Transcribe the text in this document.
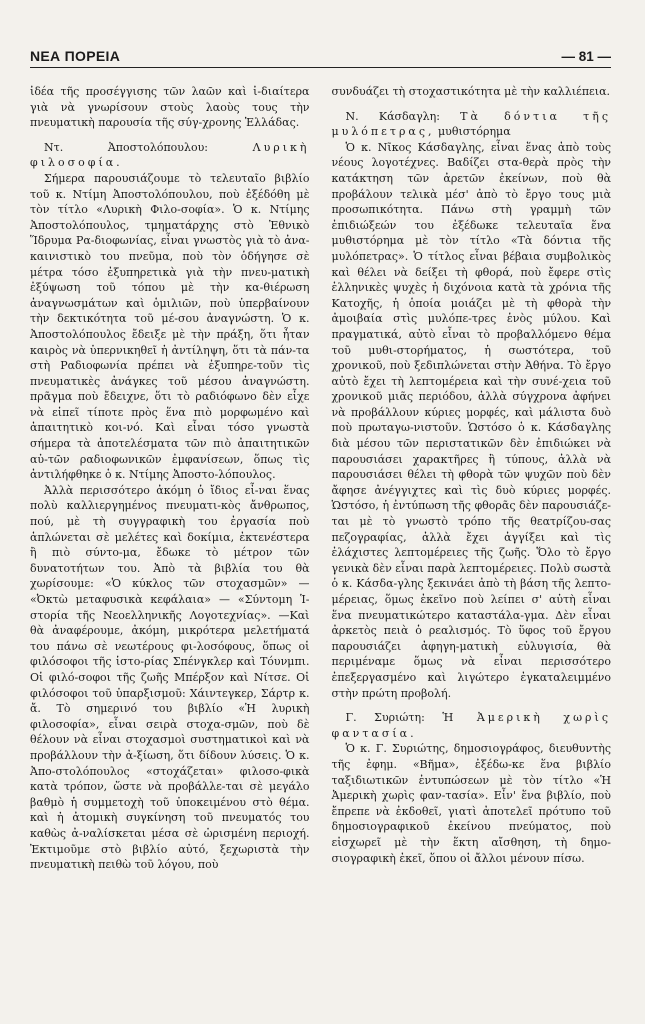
ΝΕΑ ΠΟΡΕΙΑ	— 81 —

ἰδέα τῆς προσέγγισης τῶν λαῶν καὶ ἰ-διαίτερα γιὰ νὰ γνωρίσουν στοὺς λαοὺς τους τὴν πνευματικὴ παρουσία τῆς σύγ-χρονης Ἑλλάδας.

Ντ. Ἀποστολόπουλου:	Λυρικὴ φιλοσοφία.

Σήμερα παρουσιάζουμε τὸ τελευταῖο βιβλίο τοῦ κ. Ντίμη Ἀποστολόπουλου, ποὺ ἐξέδόθη μὲ τὸν τίτλο «Λυρικὴ Φιλο-σοφία». Ὁ κ. Ντίμης Ἀποστολόπουλος, τμηματάρχης στὸ Ἐθνικὸ Ἵδρυμα Ρα-διοφωνίας, εἶναι γνωστὸς γιὰ τὸ ἀνα-καινιστικὸ του πνεῦμα, ποὺ τὸν ὁδήγησε σὲ μέτρα τόσο ἐξυπηρετικὰ γιὰ τὴν πνευ-ματικὴ ἐξύψωση τοῦ τόπου μὲ τὴν κα-θιέρωση ἀναγνωσμάτων καὶ ὁμιλιῶν, ποὺ ὑπερβαίνουν τὴν δεκτικότητα τοῦ μέ-σου ἀναγνώστη. Ὁ κ. Ἀποστολόπουλος ἔδειξε μὲ τὴν πράξη, ὅτι ἦταν καιρὸς νὰ ὑπερνικηθεῖ ἡ ἀντίληψη, ὅτι τὰ πάν-τα στὴ Ραδιοφωνία πρέπει νὰ ἐξυπηρε-τοῦν τὶς πνευματικὲς ἀνάγκες τοῦ μέσου ἀναγνώστη. πρᾶγμα ποὺ ἔδειχνε, ὅτι τὸ ραδιόφωνο δὲν εἶχε νὰ εἰπεῖ τίποτε πρὸς ἕνα πιὸ μορφωμένο καὶ ἀπαιτητικὸ κοι-νό. Καὶ εἶναι τόσο γνωστὰ σήμερα τὰ ἀποτελέσματα τῶν πιὸ ἀπαιτητικῶν αὐ-τῶν ραδιοφωνικῶν ἐμφανίσεων, ὅπως τὶς ἀντιλήφθηκε ὁ κ. Ντίμης Ἀποστο-λόπουλος.

Ἀλλὰ περισσότερο ἀκόμη ὁ ἴδιος εἶ-ναι ἕνας πολὺ καλλιεργημένος πνευματι-κὸς ἄνθρωπος, πού, μὲ τὴ συγγραφικὴ του ἐργασία ποὺ ἁπλώνεται σὲ μελέτες καὶ δοκίμια, ἐκτενέστερα ἢ πιὸ σύντο-μα, ἔδωκε τὸ μέτρον τῶν δυνατοτήτων του. Ἀπὸ τὰ βιβλία του θὰ χωρίσουμε: «Ὁ κύκλος τῶν στοχασμῶν» — «Ὀκτὼ μεταφυσικὰ κεφάλαια» — «Σύντομη Ἱ-στορία τῆς Νεοελληνικῆς Λογοτεχνίας». —Καὶ θὰ ἀναφέρουμε, ἀκόμη, μικρότερα μελετήματά του πάνω σὲ νεωτέρους φι-λοσόφους, ὅπως οἱ φιλόσοφοι τῆς ἱστο-ρίας Σπένγκλερ καὶ Τόυνμπι. Οἱ φιλό-σοφοι τῆς ζωῆς Μπέρξον καὶ Νίτσε. Οἱ φιλόσοφοι τοῦ ὑπαρξισμοῦ: Χάιντεγκερ, Σάρτρ κ. ἄ. Τὸ σημερινό του βιβλίο «Ἡ λυρικὴ φιλοσοφία», εἶναι σειρὰ στοχα-σμῶν, ποὺ δὲ θέλουν νὰ εἶναι στοχασμοὶ συστηματικοὶ καὶ νὰ προβάλλουν τὴν ἀ-ξίωση, ὅτι δίδουν λύσεις. Ὁ κ. Ἀπο-στολόπουλος «στοχάζεται» φιλοσο-φικὰ κατὰ τρόπον, ὥστε νὰ προβάλλε-ται σὲ μεγάλο βαθμὸ ἡ συμμετοχὴ τοῦ ὑποκειμένου στὸ θέμα. καὶ ἡ ἀτομικὴ συγκίνηση τοῦ πνευματός του καθὼς ἀ-ναλίσκεται μέσα σὲ ὡρισμένη περιοχή. Ἐκτιμοῦμε στὸ βιβλίο αὐτό, ξεχωριστὰ τὴν πνευματικὴ πειθὼ τοῦ λόγου, ποὺ

συνδυάζει τὴ στοχαστικότητα μὲ τὴν καλλιέπεια.

Ν. Κάσδαγλη: Τὰ δόντια τῆς μυλόπετρας, μυθιστόρημα

Ὁ κ. Νῖκος Κάσδαγλης, εἶναι ἕνας ἀπὸ τοὺς νέους λογοτέχνες. Βαδίζει στα-θερὰ πρὸς τὴν κατάκτηση τῶν ἀρετῶν ἐκείνων, ποὺ θὰ προβάλουν τελικὰ μέσ' ἀπὸ τὸ ἔργο τους μιὰ προσωπικότητα. Πάνω στὴ γραμμὴ τῶν ἐπιδιώξεών του ἐξέδωκε τελευταῖα ἕνα μυθιστόρημα μὲ τὸν τίτλο «Τὰ δόντια τῆς μυλόπετρας». Ὁ τίτλος εἶναι βέβαια συμβολικὸς καὶ θέλει νὰ δείξει τὴ φθορά, ποὺ ἔφερε στὶς ἑλληνικὲς ψυχὲς ἡ διχόνοια κατὰ τὰ χρόνια τῆς Κατοχῆς, ἡ ὁποία μοιάζει μὲ τὴ φθορὰ τὴν ἀμοιβαία στὶς μυλόπε-τρες ἑνὸς μύλου. Καὶ πραγματικά, αὐτὸ εἶναι τὸ προβαλλόμενο θέμα τοῦ μυθι-στορήματος, ἡ σωστότερα, τοῦ χρονικοῦ, ποὺ ξεδιπλώνεται στὴν Ἀθήνα. Τὸ ἔργο αὐτὸ ἔχει τὴ λεπτομέρεια καὶ τὴν συνέ-χεια τοῦ χρονικοῦ μιᾶς περιόδου, ἀλλὰ σύγχρονα ἀφήνει νὰ προβάλλουν κύριες μορφές, καὶ μάλιστα δυὸ ποὺ πρωταγω-νιστοῦν. Ὡστόσο ὁ κ. Κάσδαγλης διὰ μέσου τῶν περιστατικῶν δὲν ἐπιδιώκει νὰ παρουσιάσει χαρακτῆρες ἢ τύπους, ἀλλὰ νὰ παρουσιάσει θέλει τὴ φθορὰ τῶν ψυχῶν ποὺ δὲν ἄφησε ἀνέγγιχτες καὶ τὶς δυὸ κύριες μορφές. Ὡστόσο, ἡ ἐντύπωση τῆς φθορᾶς δὲν παρουσιάζε-ται μὲ τὸ γνωστὸ τρόπο τῆς θεατρίζου-σας πεζογραφίας, ἀλλὰ ἔχει ἀγγίξει καὶ τὶς ἐλάχιστες λεπτομέρειες τῆς ζωῆς. Ὅλο τὸ ἔργο γενικὰ δὲν εἶναι παρὰ λεπτομέρειες. Πολὺ σωστὰ ὁ κ. Κάσδα-γλης ξεκινάει ἀπὸ τὴ βάση τῆς λεπτο-μέρειας, ὅμως ἐκεῖνο ποὺ λείπει σ' αὐτὴ εἶναι ἕνα πνευματικώτερο καταστάλα-γμα. Δὲν εἶναι ἀρκετὸς πειὰ ὁ ρεαλισμός. Τὸ ὕφος τοῦ ἔργου παρουσιάζει ἀφηγη-ματικὴ εὐλυγισία, θὰ περιμέναμε ὅμως νὰ εἶναι περισσότερο ἐπεξεργασμένο καὶ λιγώτερο ἐγκαταλειμμένο στὴν πρώτη προβολή.

Γ. Συριώτη: Ἡ Ἀμερικὴ χωρὶς φαντασία.

Ὁ κ. Γ. Συριώτης, δημοσιογράφος, διευθυντὴς τῆς ἐφημ. «Βῆμα», ἐξέδω-κε ἕνα βιβλίο ταξιδιωτικῶν ἐντυπώσεων μὲ τὸν τίτλο «Ἡ Ἀμερικὴ χωρὶς φαν-τασία». Εἶν' ἕνα βιβλίο, ποὺ ἔπρεπε νὰ ἐκδοθεῖ, γιατὶ ἀποτελεῖ πρότυπο τοῦ δημοσιογραφικοῦ ἐκείνου πνεύματος, ποὺ εἰσχωρεῖ μὲ τὴν ἕκτη αἴσθηση, τὴ δημο-σιογραφικὴ ἐκεῖ, ὅπου οἱ ἄλλοι μένουν πίσω.
